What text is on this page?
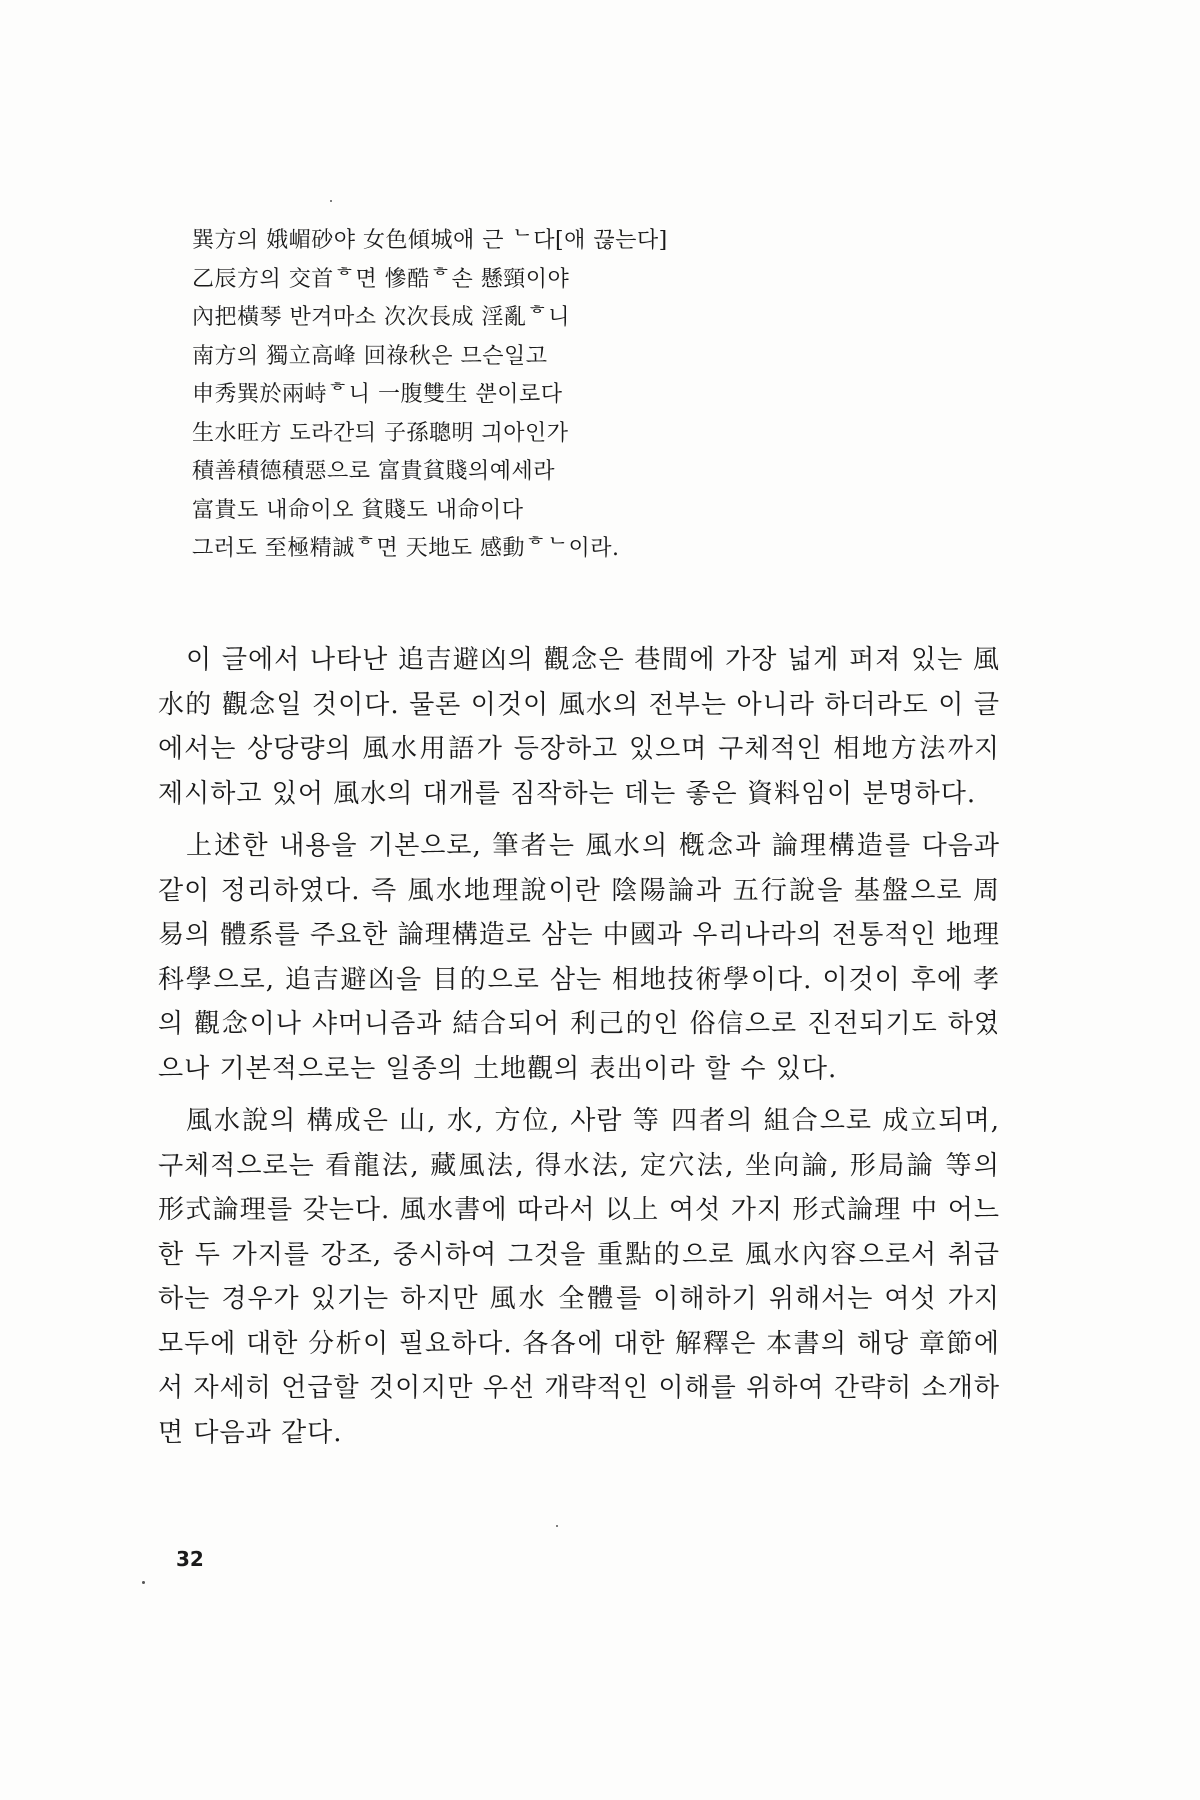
巽方의 娥嵋砂야 女色傾城애 근 ᄂ다[애 끊는다]
乙辰方의 交首ᄒ면 慘酷ᄒ손 懸頸이야
內把橫琴 반겨마소 次次長成 淫亂ᄒ니
南方의 獨立高峰 回祿秋은 므슨일고
申秀巽於兩峙ᄒ니 一腹雙生 ᄲᅮᆫ이로다
生水旺方 도라간듸 子孫聰明 긔아인가
積善積德積惡으로 富貴貧賤의예세라
富貴도 내命이오 貧賤도 내命이다
그러도 至極精誠ᄒ면 天地도 感動ᄒᄂ이라.

이 글에서 나타난 追吉避凶의 觀念은 巷間에 가장 넓게 퍼져 있는 風水的 觀念일 것이다. 물론 이것이 風水의 전부는 아니라 하더라도 이 글에서는 상당량의 風水用語가 등장하고 있으며 구체적인 相地方法까지 제시하고 있어 風水의 대개를 짐작하는 데는 좋은 資料임이 분명하다.

上述한 내용을 기본으로, 筆者는 風水의 槪念과 論理構造를 다음과 같이 정리하였다. 즉 風水地理說이란 陰陽論과 五行說을 基盤으로 周易의 體系를 주요한 論理構造로 삼는 中國과 우리나라의 전통적인 地理科學으로, 追吉避凶을 目的으로 삼는 相地技術學이다. 이것이 후에 孝의 觀念이나 샤머니즘과 結合되어 利己的인 俗信으로 진전되기도 하였으나 기본적으로는 일종의 土地觀의 表出이라 할 수 있다.

風水說의 構成은 山, 水, 方位, 사람 等 四者의 組合으로 成立되며, 구체적으로는 看龍法, 藏風法, 得水法, 定穴法, 坐向論, 形局論 等의 形式論理를 갖는다. 風水書에 따라서 以上 여섯 가지 形式論理 中 어느 한 두 가지를 강조, 중시하여 그것을 重點的으로 風水內容으로서 취급하는 경우가 있기는 하지만 風水 全體를 이해하기 위해서는 여섯 가지 모두에 대한 分析이 필요하다. 各各에 대한 解釋은 本書의 해당 章節에서 자세히 언급할 것이지만 우선 개략적인 이해를 위하여 간략히 소개하면 다음과 같다.

32
